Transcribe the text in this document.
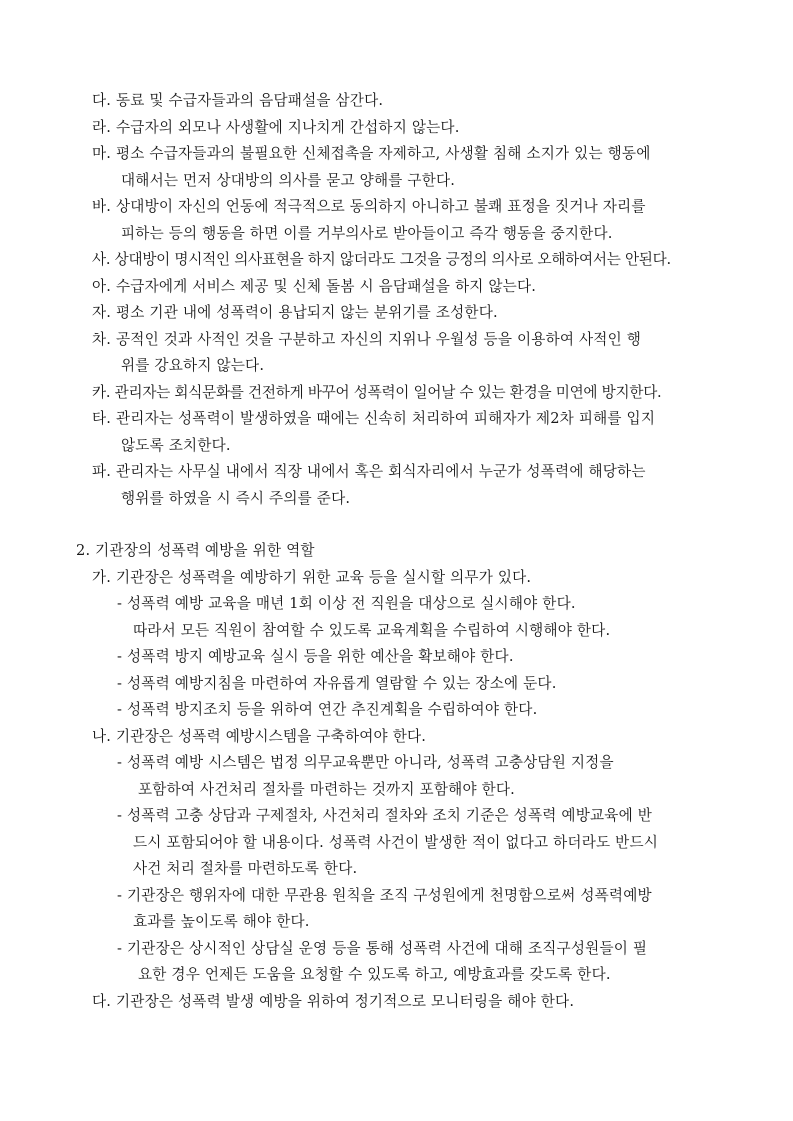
다. 동료 및 수급자들과의 음담패설을 삼간다.
라. 수급자의 외모나 사생활에 지나치게 간섭하지 않는다.
마. 평소 수급자들과의 불필요한 신체접촉을 자제하고, 사생활 침해 소지가 있는 행동에
대해서는 먼저 상대방의 의사를 묻고 양해를 구한다.
바. 상대방이 자신의 언동에 적극적으로 동의하지 아니하고 불쾌 표정을 짓거나 자리를
피하는 등의 행동을 하면 이를 거부의사로 받아들이고 즉각 행동을 중지한다.
사. 상대방이 명시적인 의사표현을 하지 않더라도 그것을 긍정의 의사로 오해하여서는 안된다.
아. 수급자에게 서비스 제공 및 신체 돌봄 시 음담패설을 하지 않는다.
자. 평소 기관 내에 성폭력이 용납되지 않는 분위기를 조성한다.
차. 공적인 것과 사적인 것을 구분하고 자신의 지위나 우월성 등을 이용하여 사적인 행
위를 강요하지 않는다.
카. 관리자는 회식문화를 건전하게 바꾸어 성폭력이 일어날 수 있는 환경을 미연에 방지한다.
타. 관리자는 성폭력이 발생하였을 때에는 신속히 처리하여 피해자가 제2차 피해를 입지
않도록 조치한다.
파. 관리자는 사무실 내에서 직장 내에서 혹은 회식자리에서 누군가 성폭력에 해당하는
행위를 하였을 시 즉시 주의를 준다.
2. 기관장의 성폭력 예방을 위한 역할
가. 기관장은 성폭력을 예방하기 위한 교육 등을 실시할 의무가 있다.
- 성폭력 예방 교육을 매년 1회 이상 전 직원을 대상으로 실시해야 한다.
따라서 모든 직원이 참여할 수 있도록 교육계획을 수립하여 시행해야 한다.
- 성폭력 방지 예방교육 실시 등을 위한 예산을 확보해야 한다.
- 성폭력 예방지침을 마련하여 자유롭게 열람할 수 있는 장소에 둔다.
- 성폭력 방지조치 등을 위하여 연간 추진계획을 수립하여야 한다.
나. 기관장은 성폭력 예방시스템을 구축하여야 한다.
- 성폭력 예방 시스템은 법정 의무교육뿐만 아니라, 성폭력 고충상담원 지정을
포함하여 사건처리 절차를 마련하는 것까지 포함해야 한다.
- 성폭력 고충 상담과 구제절차, 사건처리 절차와 조치 기준은 성폭력 예방교육에 반
드시 포함되어야 할 내용이다. 성폭력 사건이 발생한 적이 없다고 하더라도 반드시
사건 처리 절차를 마련하도록 한다.
- 기관장은 행위자에 대한 무관용 원칙을 조직 구성원에게 천명함으로써 성폭력예방
효과를 높이도록 해야 한다.
- 기관장은 상시적인 상담실 운영 등을 통해 성폭력 사건에 대해 조직구성원들이 필
요한 경우 언제든 도움을 요청할 수 있도록 하고, 예방효과를 갖도록 한다.
다. 기관장은 성폭력 발생 예방을 위하여 정기적으로 모니터링을 해야 한다.
